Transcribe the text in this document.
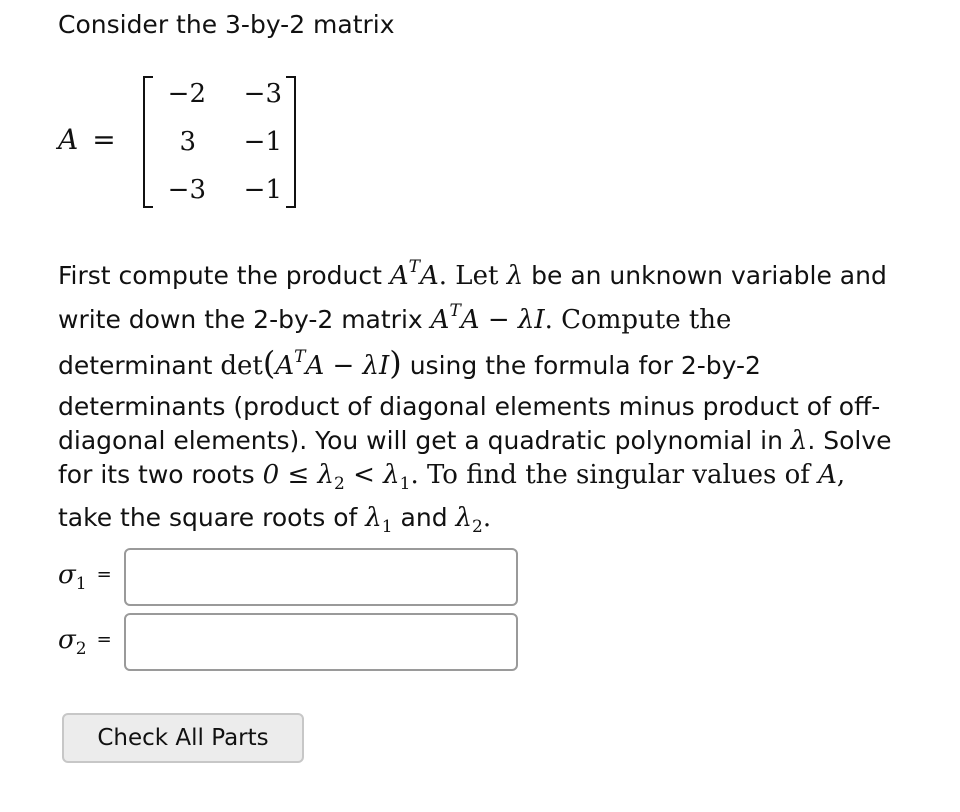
Consider the 3-by-2 matrix
A =
−2	−3
3	−1
−3	−1
First compute the product $A^TA$. Let λ be an unknown variable and
write down the 2-by-2 matrix $A^TA - \lambda I$. Compute the
determinant $\det(A^TA - \lambda I)$ using the formula for 2-by-2
determinants (product of diagonal elements minus product of off-
diagonal elements). You will get a quadratic polynomial in λ. Solve
for its two roots $0 \le \lambda_2 < \lambda_1$. To find the singular values of A,
take the square roots of $\lambda_1$ and $\lambda_2$.
$\sigma_1$ =
$\sigma_2$ =
Check All Parts
